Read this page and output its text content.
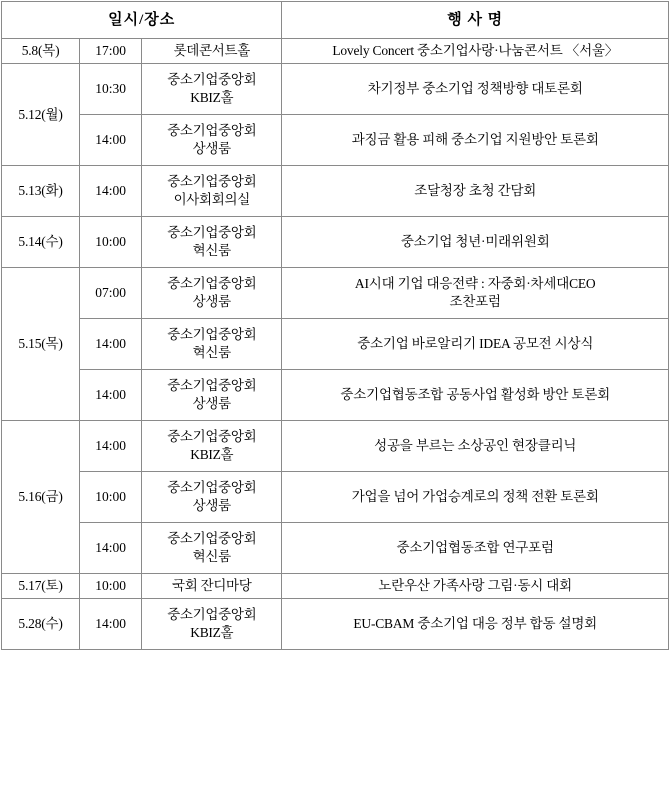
일시/장소			행 사 명
5.8(목)	17:00	롯데콘서트홀	Lovely Concert 중소기업사랑·나눔콘서트 〈서울〉

5.12(월)	10:30	중소기업중앙회
KBIZ홀	차기정부 중소기업 정책방향 대토론회

	14:00	중소기업중앙회
상생룸	과징금 활용 피해 중소기업 지원방안 토론회

5.13(화)	14:00	중소기업중앙회
이사회회의실	조달청장 초청 간담회

5.14(수)	10:00	중소기업중앙회
혁신룸	중소기업 청년·미래위원회

5.15(목)	07:00	중소기업중앙회
상생룸	AI시대 기업 대응전략 : 자중회·차세대CEO
조찬포럼

	14:00	중소기업중앙회
혁신룸	중소기업 바로알리기 IDEA 공모전 시상식

	14:00	중소기업중앙회
상생룸	중소기업협동조합 공동사업 활성화 방안 토론회

5.16(금)	14:00	중소기업중앙회
KBIZ홀	성공을 부르는 소상공인 현장클리닉

	10:00	중소기업중앙회
상생룸	가업을 넘어 가업승계로의 정책 전환 토론회

	14:00	중소기업중앙회
혁신룸	중소기업협동조합 연구포럼

5.17(토)	10:00	국회 잔디마당	노란우산 가족사랑 그림·동시 대회

5.28(수)	14:00	중소기업중앙회
KBIZ홀	EU-CBAM 중소기업 대응 정부 합동 설명회
